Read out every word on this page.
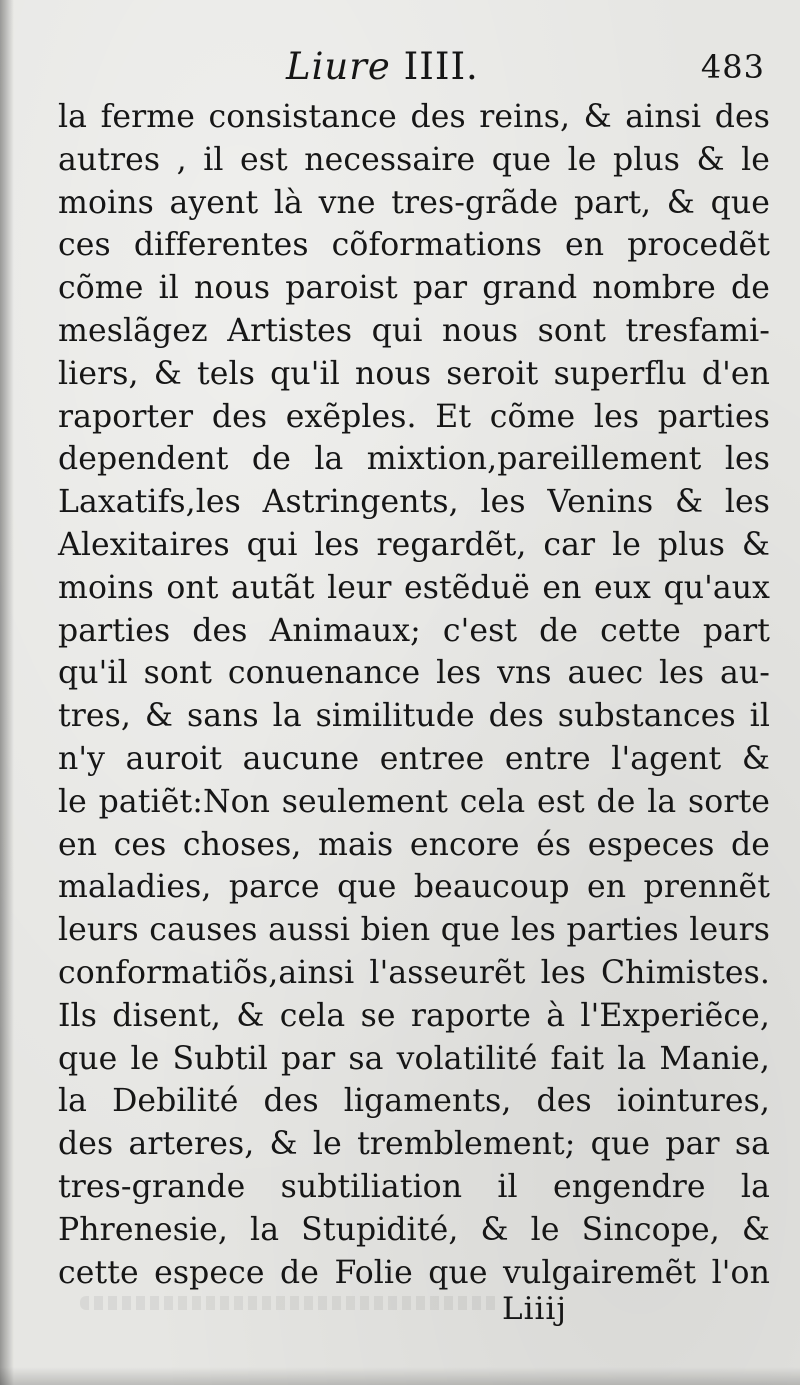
Liure IIII.	483
la ferme consistance des reins, & ainsi des
autres , il est necessaire que le plus & le
moins ayent là vne tres-grãde part, & que
ces differentes cõformations en procedẽt
cõme il nous paroist par grand nombre de
meslãgez Artistes qui nous sont tresfami-
liers, & tels qu'il nous seroit superflu d'en
raporter des exẽples. Et cõme les parties
dependent de la mixtion,pareillement les
Laxatifs,les Astringents, les Venins & les
Alexitaires qui les regardẽt, car le plus &
moins ont autãt leur estẽduë en eux qu'aux
parties des Animaux; c'est de cette part
qu'il sont conuenance les vns auec les au-
tres, & sans la similitude des substances il
n'y auroit aucune entree entre l'agent &
le patiẽt:Non seulement cela est de la sorte
en ces choses, mais encore és especes de
maladies, parce que beaucoup en prennẽt
leurs causes aussi bien que les parties leurs
conformatiõs,ainsi l'asseurẽt les Chimistes.
Ils disent, & cela se raporte à l'Experiẽce,
que le Subtil par sa volatilité fait la Manie,
la Debilité des ligaments, des iointures,
des arteres, & le tremblement; que par sa
tres-grande subtiliation il engendre la
Phrenesie, la Stupidité, & le Sincope, &
cette espece de Folie que vulgairemẽt l'on
Liiij
